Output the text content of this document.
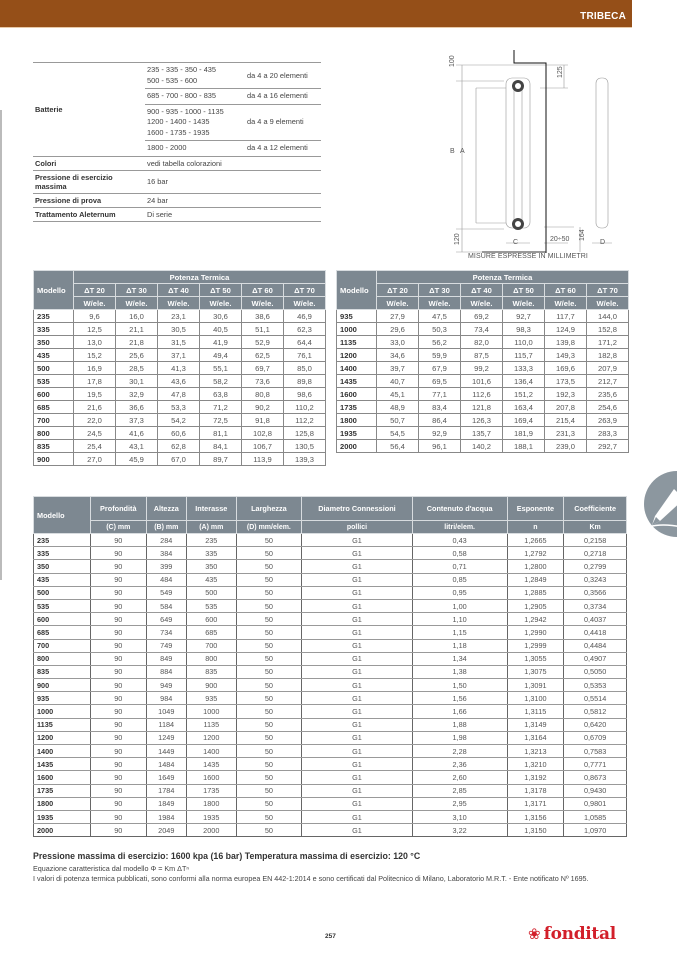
TRIBECA
Batterie	235 - 335 - 350 - 435
500 - 535 - 600	da 4 a 20 elementi

	685 - 700 - 800 - 835	da 4 a 16 elementi

	900 - 935 - 1000 - 1135
1200 - 1400 - 1435
1600 - 1735 - 1935	da 4 a 9 elementi

	1800 - 2000	da 4 a 12 elementi
Colori	vedi tabella colorazioni	
Pressione di esercizio massima	16 bar	
Pressione di prova	24 bar	
Trattamento Aleternum	Di serie	
100
125
B A
C	D
20÷50
120	164
MISURE ESPRESSE IN MILLIMETRI
Modello	Potenza Termica					
	ΔT 20	ΔT 30	ΔT 40	ΔT 50	ΔT 60	ΔT 70
	W/ele.	W/ele.	W/ele.	W/ele.	W/ele.	W/ele.
235	9,6	16,0	23,1	30,6	38,6	46,9
335	12,5	21,1	30,5	40,5	51,1	62,3
350	13,0	21,8	31,5	41,9	52,9	64,4
435	15,2	25,6	37,1	49,4	62,5	76,1
500	16,9	28,5	41,3	55,1	69,7	85,0
535	17,8	30,1	43,6	58,2	73,6	89,8
600	19,5	32,9	47,8	63,8	80,8	98,6
685	21,6	36,6	53,3	71,2	90,2	110,2
700	22,0	37,3	54,2	72,5	91,8	112,2
800	24,5	41,6	60,6	81,1	102,8	125,8
835	25,4	43,1	62,8	84,1	106,7	130,5
900	27,0	45,9	67,0	89,7	113,9	139,3
Modello	Potenza Termica					
	ΔT 20	ΔT 30	ΔT 40	ΔT 50	ΔT 60	ΔT 70
	W/ele.	W/ele.	W/ele.	W/ele.	W/ele.	W/ele.
935	27,9	47,5	69,2	92,7	117,7	144,0
1000	29,6	50,3	73,4	98,3	124,9	152,8
1135	33,0	56,2	82,0	110,0	139,8	171,2
1200	34,6	59,9	87,5	115,7	149,3	182,8
1400	39,7	67,9	99,2	133,3	169,6	207,9
1435	40,7	69,5	101,6	136,4	173,5	212,7
1600	45,1	77,1	112,6	151,2	192,3	235,6
1735	48,9	83,4	121,8	163,4	207,8	254,6
1800	50,7	86,4	126,3	169,4	215,4	263,9
1935	54,5	92,9	135,7	181,9	231,3	283,3
2000	56,4	96,1	140,2	188,1	239,0	292,7
Modello	Profondità	Altezza	Interasse	Larghezza	Diametro Connessioni	Contenuto d'acqua	Esponente	Coefficiente
	(C) mm	(B) mm	(A) mm	(D) mm/elem.	pollici	litri/elem.	n	Km
235	90	284	235	50	G1	0,43	1,2665	0,2158
335	90	384	335	50	G1	0,58	1,2792	0,2718
350	90	399	350	50	G1	0,71	1,2800	0,2799
435	90	484	435	50	G1	0,85	1,2849	0,3243
500	90	549	500	50	G1	0,95	1,2885	0,3566
535	90	584	535	50	G1	1,00	1,2905	0,3734
600	90	649	600	50	G1	1,10	1,2942	0,4037
685	90	734	685	50	G1	1,15	1,2990	0,4418
700	90	749	700	50	G1	1,18	1,2999	0,4484
800	90	849	800	50	G1	1,34	1,3055	0,4907
835	90	884	835	50	G1	1,38	1,3075	0,5050
900	90	949	900	50	G1	1,50	1,3091	0,5353
935	90	984	935	50	G1	1,56	1,3100	0,5514
1000	90	1049	1000	50	G1	1,66	1,3115	0,5812
1135	90	1184	1135	50	G1	1,88	1,3149	0,6420
1200	90	1249	1200	50	G1	1,98	1,3164	0,6709
1400	90	1449	1400	50	G1	2,28	1,3213	0,7583
1435	90	1484	1435	50	G1	2,36	1,3210	0,7771
1600	90	1649	1600	50	G1	2,60	1,3192	0,8673
1735	90	1784	1735	50	G1	2,85	1,3178	0,9430
1800	90	1849	1800	50	G1	2,95	1,3171	0,9801
1935	90	1984	1935	50	G1	3,10	1,3156	1,0585
2000	90	2049	2000	50	G1	3,22	1,3150	1,0970
Pressione massima di esercizio: 1600 kpa (16 bar) Temperatura massima di esercizio: 120 °C
Equazione caratteristica dal modello Φ = Km ΔTⁿ
I valori di potenza termica pubblicati, sono conformi alla norma europea EN 442-1:2014 e sono certificati dal Politecnico di Milano, Laboratorio M.R.T. - Ente notificato Nº 1695.
257	❀ fondital
